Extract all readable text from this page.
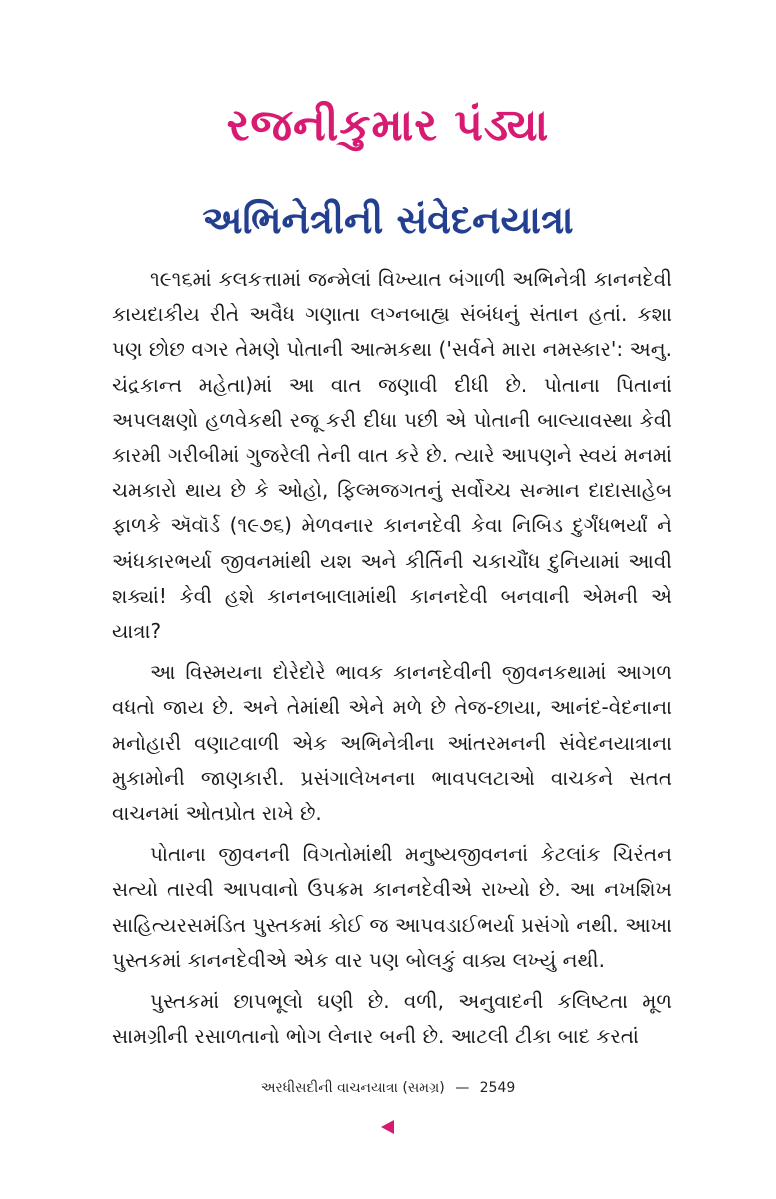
રજનીકુમાર પંડ્યા
અભિનેત્રીની સંવેદનયાત્રા

૧૯૧૬માં કલકત્તામાં જન્મેલાં વિખ્યાત બંગાળી અભિનેત્રી કાનનદેવી કાયદાકીય રીતે અવૈધ ગણાતા લગ્નબાહ્ય સંબંધનું સંતાન હતાં. કશા પણ છોછ વગર તેમણે પોતાની આત્મકથા ('સર્વને મારા નમસ્કાર': અનુ. ચંદ્રકાન્ત મહેતા)માં આ વાત જણાવી દીધી છે. પોતાના પિતાનાં અપલક્ષણો હળવેકથી રજૂ કરી દીધા પછી એ પોતાની બાલ્યાવસ્થા કેવી કારમી ગરીબીમાં ગુજરેલી તેની વાત કરે છે. ત્યારે આપણને સ્વયં મનમાં ચમકારો થાય છે કે ઓહો, ફિલ્મજગતનું સર્વોચ્ચ સન્માન દાદાસાહેબ ફાળકે ઍવૉર્ડ (૧૯૭૬) મેળવનાર કાનનદેવી કેવા નિબિડ દુર્ગંધભર્યાં ને અંધકારભર્યા જીવનમાંથી યશ અને કીર્તિની ચકાચૌંધ દુનિયામાં આવી શક્યાં! કેવી હશે કાનનબાલામાંથી કાનનદેવી બનવાની એમની એ યાત્રા?

આ વિસ્મયના દોરેદોરે ભાવક કાનનદેવીની જીવનકથામાં આગળ વધતો જાય છે. અને તેમાંથી એને મળે છે તેજ-છાયા, આનંદ-વેદનાના મનોહારી વણાટવાળી એક અભિનેત્રીના આંતરમનની સંવેદનયાત્રાના મુકામોની જાણકારી. પ્રસંગાલેખનના ભાવપલટાઓ વાચકને સતત વાચનમાં ઓતપ્રોત રાખે છે.

પોતાના જીવનની વિગતોમાંથી મનુષ્યજીવનનાં કેટલાંક ચિરંતન સત્યો તારવી આપવાનો ઉપક્રમ કાનનદેવીએ રાખ્યો છે. આ નખશિખ સાહિત્યરસમંડિત પુસ્તકમાં કોઈ જ આપવડાઈભર્યા પ્રસંગો નથી. આખા પુસ્તકમાં કાનનદેવીએ એક વાર પણ બોલકું વાક્ય લખ્યું નથી.

પુસ્તકમાં છાપભૂલો ઘણી છે. વળી, અનુવાદની કલિષ્ટતા મૂળ સામગ્રીની રસાળતાનો ભોગ લેનાર બની છે. આટલી ટીકા બાદ કરતાં

અરધીસદીની વાચનયાત્રા (સમગ્ર) — 2549
